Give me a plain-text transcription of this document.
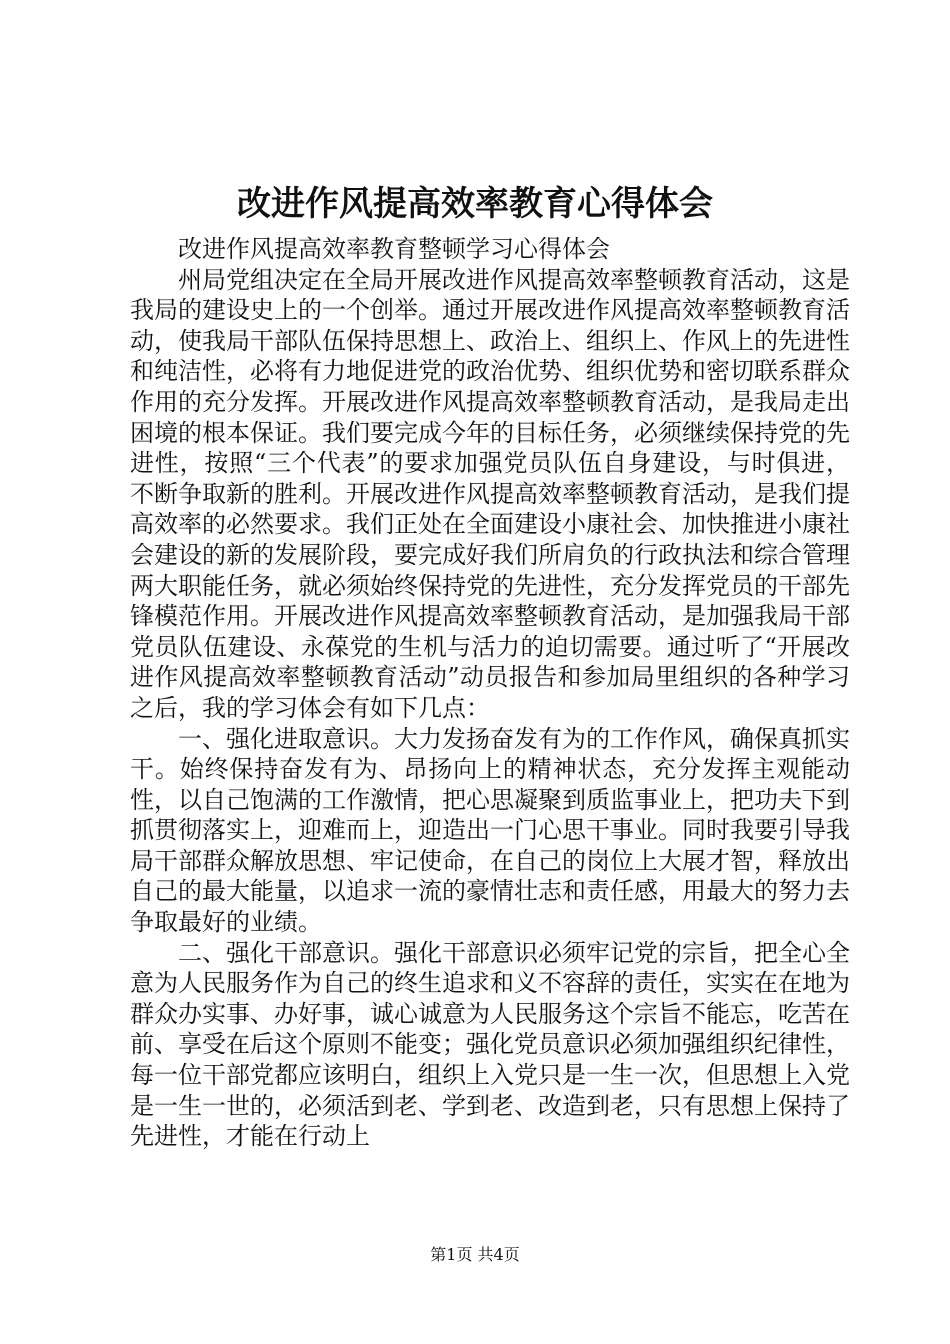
改进作风提高效率教育心得体会

改进作风提高效率教育整顿学习心得体会

州局党组决定在全局开展改进作风提高效率整顿教育活动，这是我局的建设史上的一个创举。通过开展改进作风提高效率整顿教育活动，使我局干部队伍保持思想上、政治上、组织上、作风上的先进性和纯洁性，必将有力地促进党的政治优势、组织优势和密切联系群众作用的充分发挥。开展改进作风提高效率整顿教育活动，是我局走出困境的根本保证。我们要完成今年的目标任务，必须继续保持党的先进性，按照“三个代表”的要求加强党员队伍自身建设，与时俱进，不断争取新的胜利。开展改进作风提高效率整顿教育活动，是我们提高效率的必然要求。我们正处在全面建设小康社会、加快推进小康社会建设的新的发展阶段，要完成好我们所肩负的行政执法和综合管理两大职能任务，就必须始终保持党的先进性，充分发挥党员的干部先锋模范作用。开展改进作风提高效率整顿教育活动，是加强我局干部党员队伍建设、永葆党的生机与活力的迫切需要。通过听了“开展改进作风提高效率整顿教育活动”动员报告和参加局里组织的各种学习之后，我的学习体会有如下几点：

一、强化进取意识。大力发扬奋发有为的工作作风，确保真抓实干。始终保持奋发有为、昂扬向上的精神状态，充分发挥主观能动性，以自己饱满的工作激情，把心思凝聚到质监事业上，把功夫下到抓贯彻落实上，迎难而上，迎造出一门心思干事业。同时我要引导我局干部群众解放思想、牢记使命，在自己的岗位上大展才智，释放出自己的最大能量，以追求一流的豪情壮志和责任感，用最大的努力去争取最好的业绩。

二、强化干部意识。强化干部意识必须牢记党的宗旨，把全心全意为人民服务作为自己的终生追求和义不容辞的责任，实实在在地为群众办实事、办好事，诚心诚意为人民服务这个宗旨不能忘，吃苦在前、享受在后这个原则不能变；强化党员意识必须加强组织纪律性，每一位干部党都应该明白，组织上入党只是一生一次，但思想上入党是一生一世的，必须活到老、学到老、改造到老，只有思想上保持了先进性，才能在行动上

第1页 共4页
